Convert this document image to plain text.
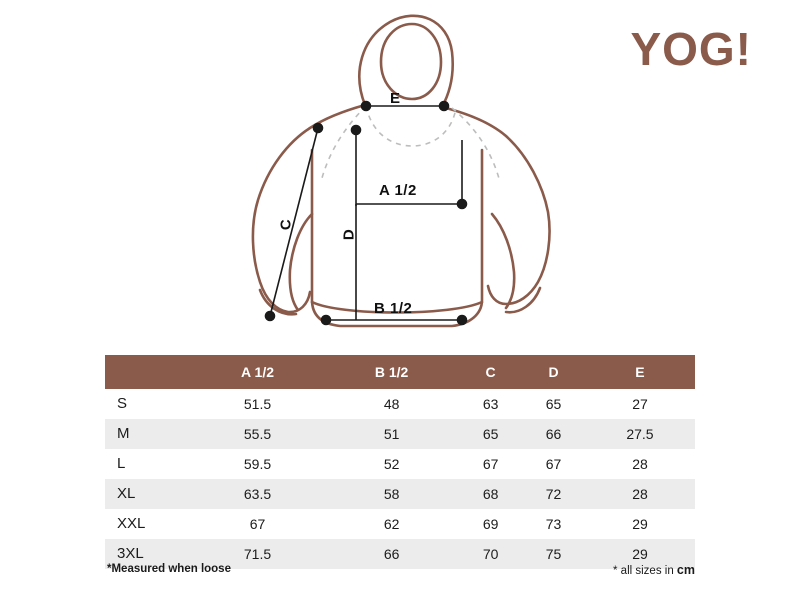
YOG!
E
A 1/2
B 1/2
C
D
	A 1/2	B 1/2	C	D	E
S	51.5	48	63	65	27
M	55.5	51	65	66	27.5
L	59.5	52	67	67	28
XL	63.5	58	68	72	28
XXL	67	62	69	73	29
3XL	71.5	66	70	75	29
*Measured when loose	* all sizes in cm
